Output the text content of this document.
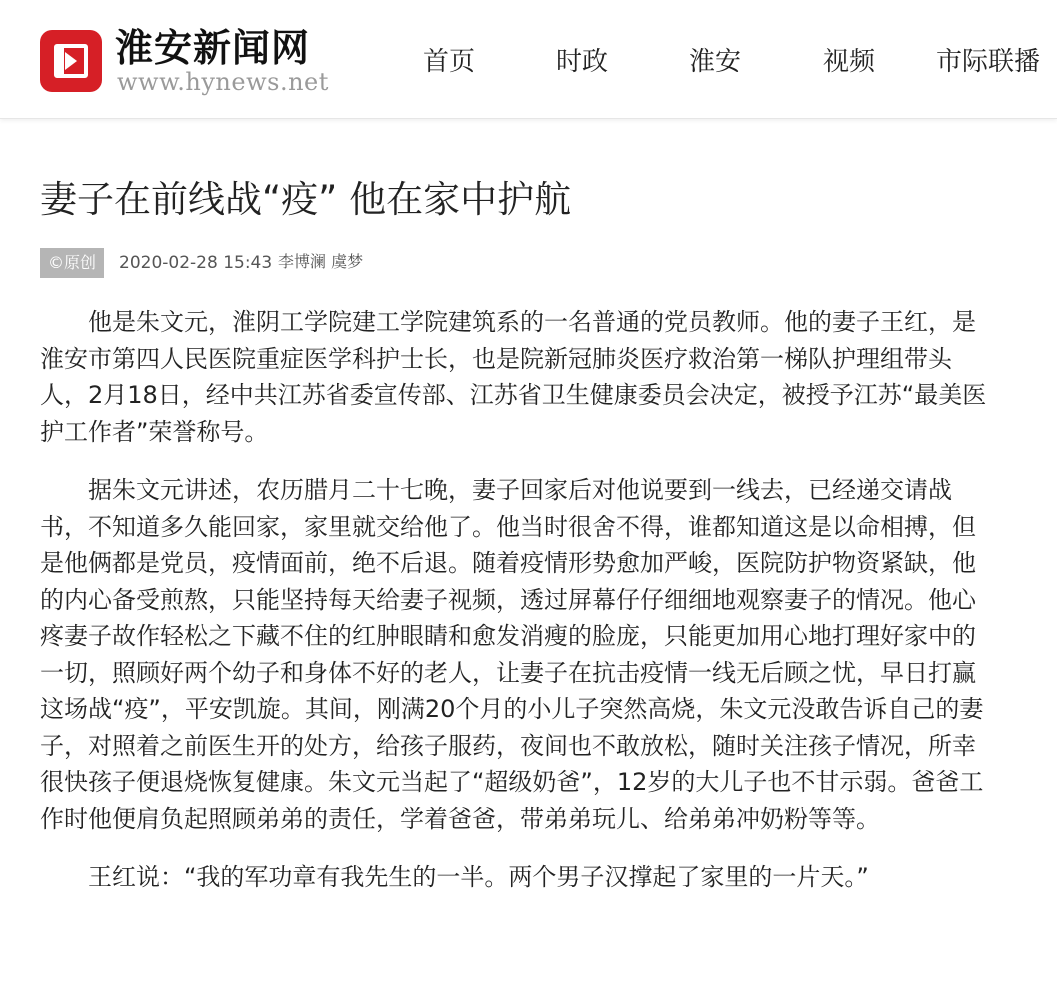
淮安新闻网
www.hynews.net
首页	时政	淮安	视频 市际联播
妻子在前线战“疫” 他在家中护航
©原创	2020-02-28 15:43 李博澜 虞梦

他是朱文元，淮阴工学院建工学院建筑系的一名普通的党员教师。他的妻子王红，是淮安市第四人民医院重症医学科护士长，也是院新冠肺炎医疗救治第一梯队护理组带头人，2月18日，经中共江苏省委宣传部、江苏省卫生健康委员会决定，被授予江苏“最美医护工作者”荣誉称号。

据朱文元讲述，农历腊月二十七晚，妻子回家后对他说要到一线去，已经递交请战书，不知道多久能回家，家里就交给他了。他当时很舍不得，谁都知道这是以命相搏，但是他俩都是党员，疫情面前，绝不后退。随着疫情形势愈加严峻，医院防护物资紧缺，他的内心备受煎熬，只能坚持每天给妻子视频，透过屏幕仔仔细细地观察妻子的情况。他心疼妻子故作轻松之下藏不住的红肿眼睛和愈发消瘦的脸庞，只能更加用心地打理好家中的一切，照顾好两个幼子和身体不好的老人，让妻子在抗击疫情一线无后顾之忧，早日打赢这场战“疫”，平安凯旋。其间，刚满20个月的小儿子突然高烧，朱文元没敢告诉自己的妻子，对照着之前医生开的处方，给孩子服药，夜间也不敢放松，随时关注孩子情况，所幸很快孩子便退烧恢复健康。朱文元当起了“超级奶爸”，12岁的大儿子也不甘示弱。爸爸工作时他便肩负起照顾弟弟的责任，学着爸爸，带弟弟玩儿、给弟弟冲奶粉等等。

王红说：“我的军功章有我先生的一半。两个男子汉撑起了家里的一片天。”
